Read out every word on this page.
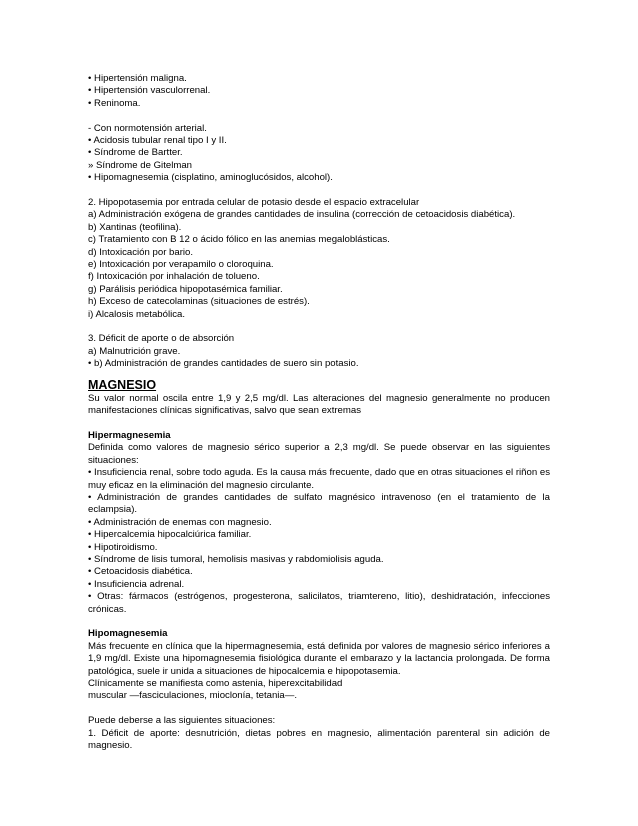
• Hipertensión maligna.
• Hipertensión vasculorrenal.
• Reninoma.
- Con normotensión arterial.
• Acidosis tubular renal tipo I y II.
• Síndrome de Bartter.
» Síndrome de Gitelman
• Hipomagnesemia (cisplatino, aminoglucósidos, alcohol).
2. Hipopotasemia por entrada celular de potasio desde el espacio extracelular

a) Administración exógena de grandes cantidades de insulina (corrección de cetoacidosis diabética).

b) Xantinas (teofilina).
c) Tratamiento con B 12 o ácido fólico en las anemias megaloblásticas.
d) Intoxicación por bario.
e) Intoxicación por verapamilo o cloroquina.
f) Intoxicación por inhalación de tolueno.
g) Parálisis periódica hipopotasémica familiar.
h) Exceso de catecolaminas (situaciones de estrés).
i) Alcalosis metabólica.
3. Déficit de aporte o de absorción
a) Malnutrición grave.
• b) Administración de grandes cantidades de suero sin potasio.
MAGNESIO

Su valor normal oscila entre 1,9 y 2,5 mg/dl. Las alteraciones del magnesio generalmente no producen manifestaciones clínicas significativas, salvo que sean extremas

Hipermagnesemia

Definida como valores de magnesio sérico superior a 2,3 mg/dl. Se puede observar en las siguientes situaciones:

• Insuficiencia renal, sobre todo aguda. Es la causa más frecuente, dado que en otras situaciones el riñon es muy eficaz en la eliminación del magnesio circulante.

• Administración de grandes cantidades de sulfato magnésico intravenoso (en el tratamiento de la eclampsia).

• Administración de enemas con magnesio.
• Hipercalcemia hipocalciúrica familiar.
• Hipotiroidismo.
• Síndrome de lisis tumoral, hemolisis masivas y rabdomiolisis aguda.
• Cetoacidosis diabética.
• Insuficiencia adrenal.

• Otras: fármacos (estrógenos, progesterona, salicilatos, triamtereno, litio), deshidratación, infecciones crónicas.

Hipomagnesemia

Más frecuente en clínica que la hipermagnesemia, está definida por valores de magnesio sérico inferiores a 1,9 mg/dl. Existe una hipomagnesemia fisiológica durante el embarazo y la lactancia prolongada. De forma patológica, suele ir unida a situaciones de hipocalcemia e hipopotasemia.

Clínicamente se manifiesta como astenia, hiperexcitabilidad
muscular —fasciculaciones, mioclonía, tetania—.
Puede deberse a las siguientes situaciones:

1. Déficit de aporte: desnutrición, dietas pobres en magnesio, alimentación parenteral sin adición de magnesio.
